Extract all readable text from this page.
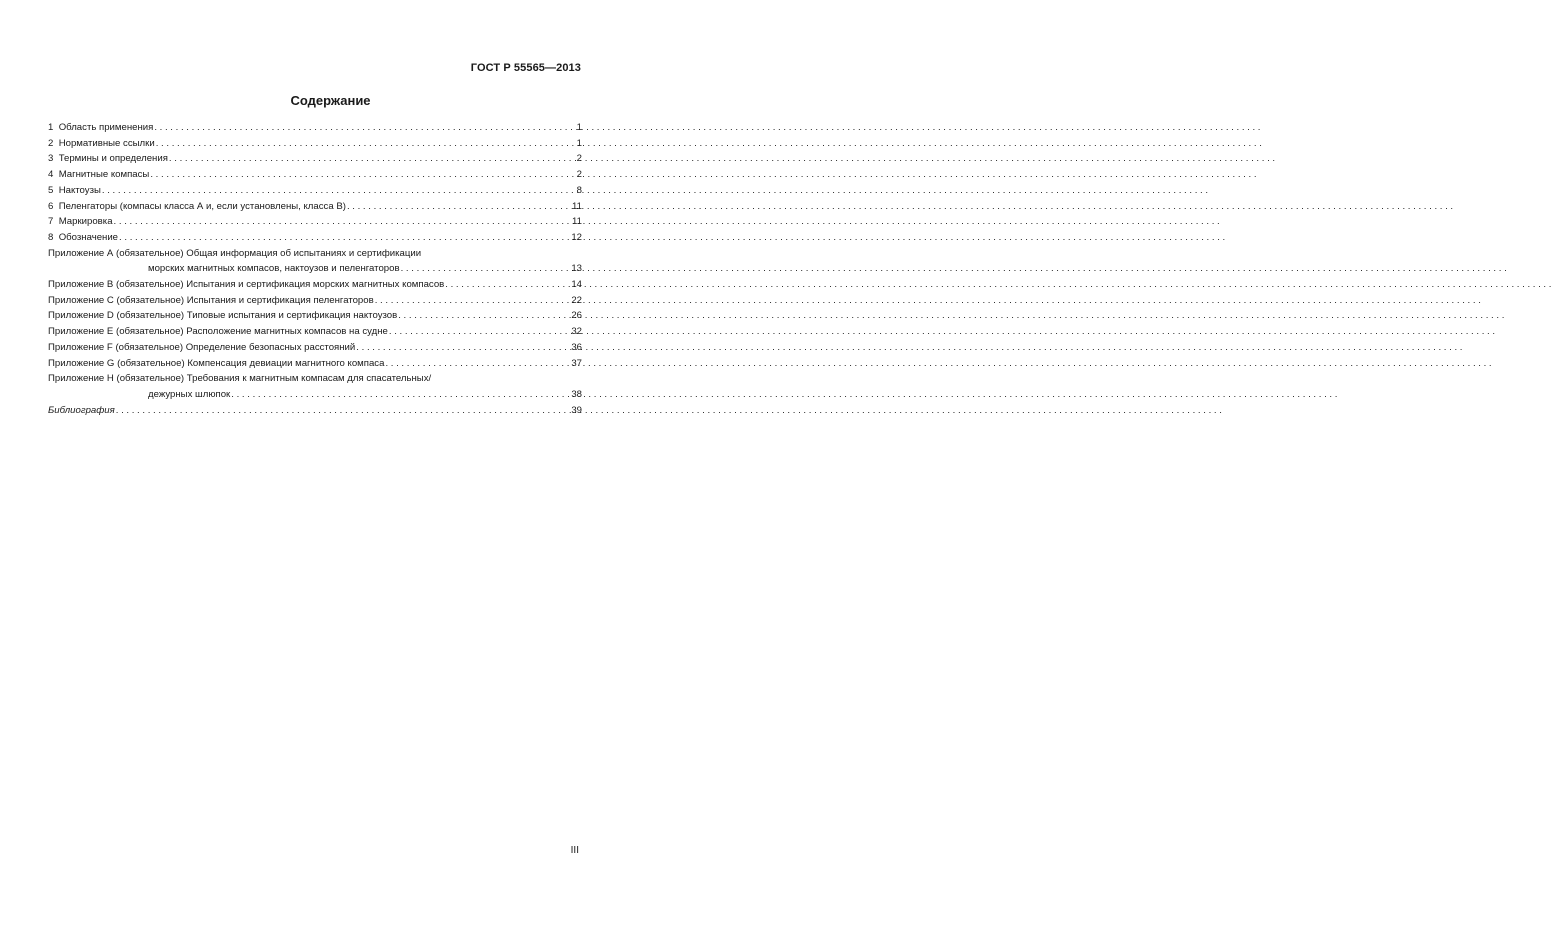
ГОСТ Р 55565—2013
Содержание
1 Область применения . . .	1
2 Нормативные ссылки . . .	1
3 Термины и определения . . .	2
4 Магнитные компасы . . .	2
5 Нактоузы . . .	8
6 Пеленгаторы (компасы класса А и, если установлены, класса В) . . .	11
7 Маркировка . . .	11
8 Обозначение . . .	12
Приложение А (обязательное) Общая информация об испытаниях и сертификации
морских магнитных компасов, нактоузов и пеленгаторов . . .	13
Приложение В (обязательное) Испытания и сертификация морских магнитных компасов . . .	14
Приложение С (обязательное) Испытания и сертификация пеленгаторов . . .	22
Приложение D (обязательное) Типовые испытания и сертификация нактоузов . . .	26
Приложение Е (обязательное) Расположение магнитных компасов на судне . . .	32
Приложение F (обязательное) Определение безопасных расстояний . . .	36
Приложение G (обязательное) Компенсация девиации магнитного компаса . . .	37
Приложение H (обязательное) Требования к магнитным компасам для спасательных/
дежурных шлюпок . . .	38
Библиография . . .	39
III
